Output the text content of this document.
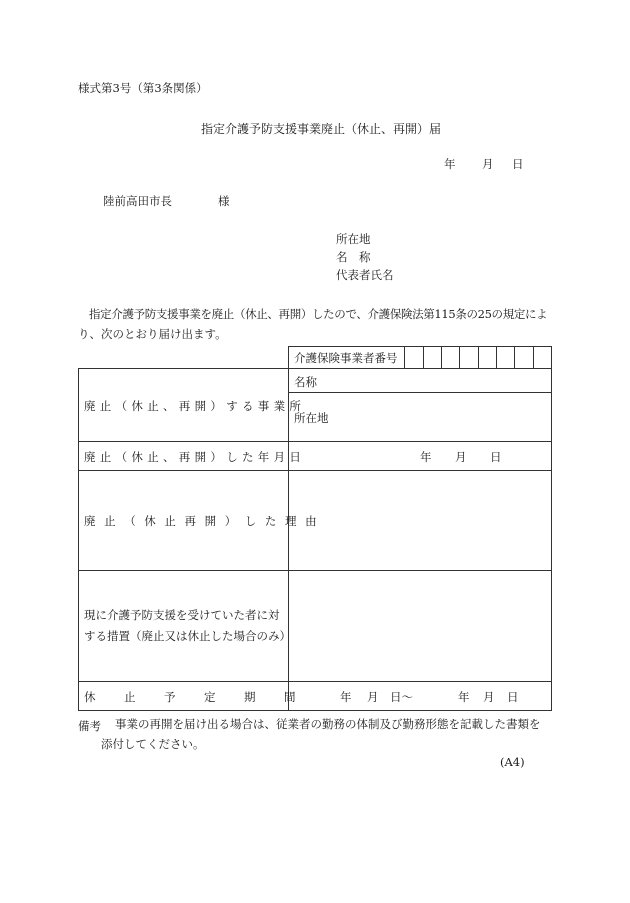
様式第3号（第3条関係）
指定介護予防支援事業廃止（休止、再開）届
年 月 日
陸前高田市長	様
所在地
名　称
代表者氏名
指定介護予防支援事業を廃止（休止、再開）したので、介護保険法第115条の25の規定によ
り、次のとおり届け出ます。
介護保険事業者番号
廃止（休止、再開）する事業所
名称
所在地
廃止（休止、再開）した年月日	年 月 日
廃止（休止再開）した理由
現に介護予防支援を受けていた者に対
する措置（廃止又は休止した場合のみ）
休止予定期間 年 月 日〜	年 月 日
備考 事業の再開を届け出る場合は、従業者の勤務の体制及び勤務形態を記載した書類を
添付してください。
(A4)
